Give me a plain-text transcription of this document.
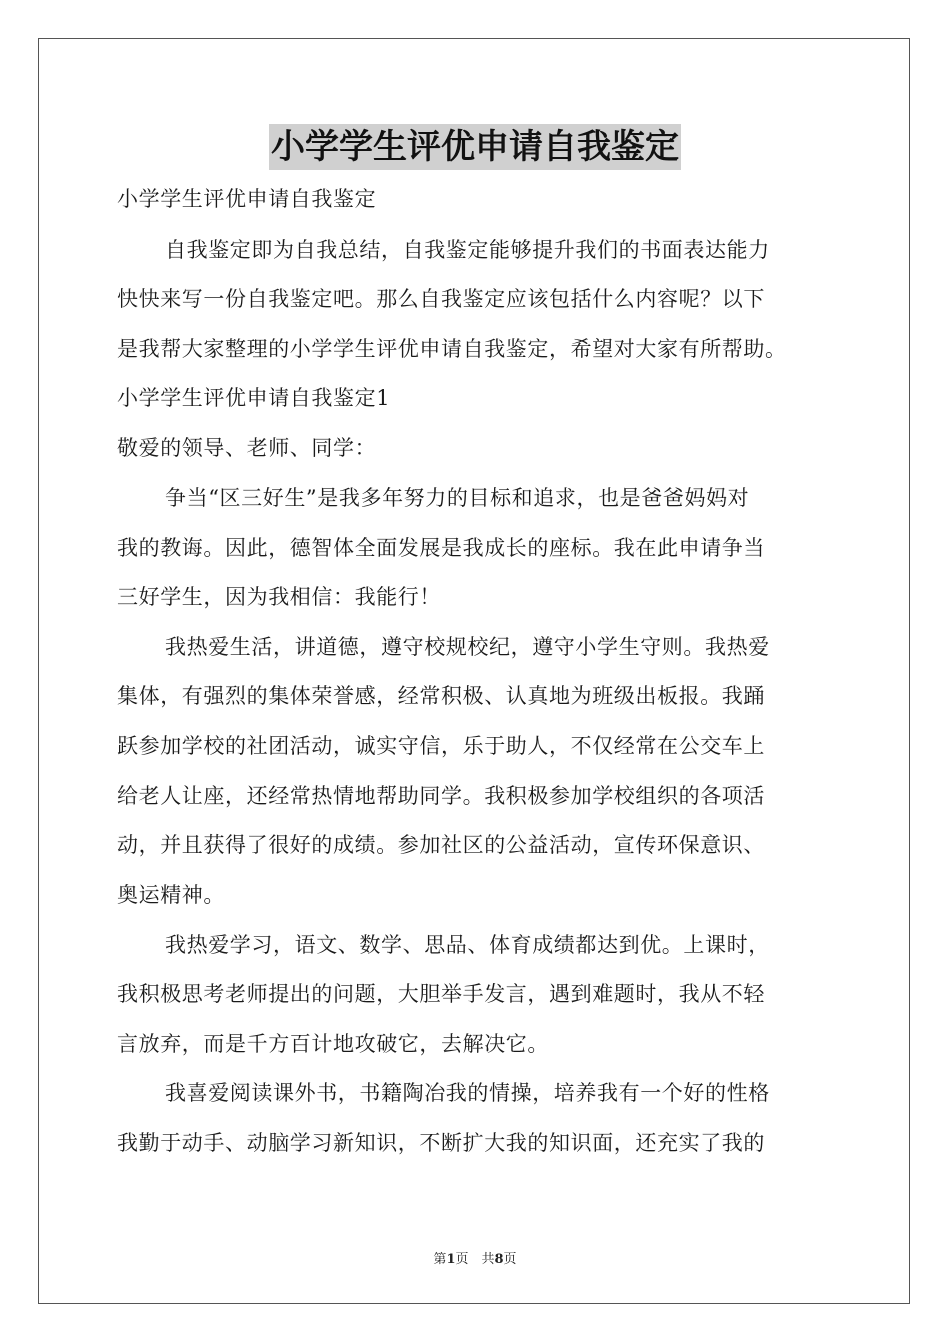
小学学生评优申请自我鉴定
小学学生评优申请自我鉴定
自我鉴定即为自我总结，自我鉴定能够提升我们的书面表达能力
快快来写一份自我鉴定吧。那么自我鉴定应该包括什么内容呢？以下
是我帮大家整理的小学学生评优申请自我鉴定，希望对大家有所帮助。
小学学生评优申请自我鉴定1
敬爱的领导、老师、同学：
争当“区三好生”是我多年努力的目标和追求，也是爸爸妈妈对
我的教诲。因此，德智体全面发展是我成长的座标。我在此申请争当
三好学生，因为我相信：我能行！
我热爱生活，讲道德，遵守校规校纪，遵守小学生守则。我热爱
集体，有强烈的集体荣誉感，经常积极、认真地为班级出板报。我踊
跃参加学校的社团活动，诚实守信，乐于助人，不仅经常在公交车上
给老人让座，还经常热情地帮助同学。我积极参加学校组织的各项活
动，并且获得了很好的成绩。参加社区的公益活动，宣传环保意识、
奥运精神。
我热爱学习，语文、数学、思品、体育成绩都达到优。上课时，
我积极思考老师提出的问题，大胆举手发言，遇到难题时，我从不轻
言放弃，而是千方百计地攻破它，去解决它。
我喜爱阅读课外书，书籍陶冶我的情操，培养我有一个好的性格
我勤于动手、动脑学习新知识，不断扩大我的知识面，还充实了我的
第1页　共8页
